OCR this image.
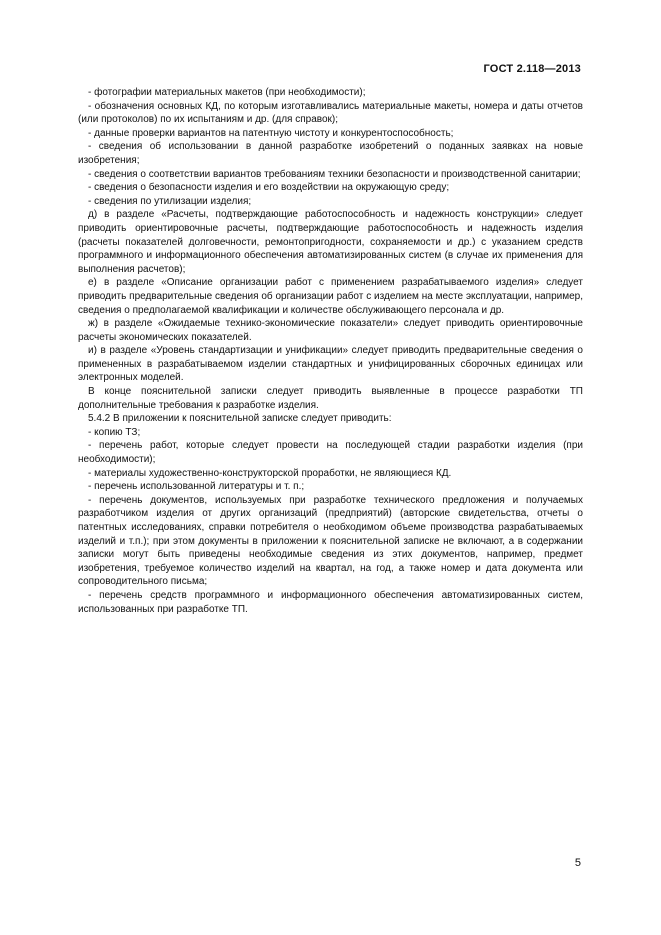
ГОСТ 2.118—2013

- фотографии материальных макетов (при необходимости);

- обозначения основных КД, по которым изготавливались материальные макеты, номера и даты отчетов (или протоколов) по их испытаниям и др. (для справок);

- данные проверки вариантов на патентную чистоту и конкурентоспособность;

- сведения об использовании в данной разработке изобретений о поданных заявках на новые изобретения;

- сведения о соответствии вариантов требованиям техники безопасности и производственной санитарии;

- сведения о безопасности изделия и его воздействии на окружающую среду;

- сведения по утилизации изделия;

д) в разделе «Расчеты, подтверждающие работоспособность и надежность конструкции» следует приводить ориентировочные расчеты, подтверждающие работоспособность и надежность изделия (расчеты показателей долговечности, ремонтопригодности, сохраняемости и др.) с указанием средств программного и информационного обеспечения автоматизированных систем (в случае их применения для выполнения расчетов);

е) в разделе «Описание организации работ с применением разрабатываемого изделия» следует приводить предварительные сведения об организации работ с изделием на месте эксплуатации, например, сведения о предполагаемой квалификации и количестве обслуживающего персонала и др.

ж) в разделе «Ожидаемые технико-экономические показатели» следует приводить ориентировочные расчеты экономических показателей.

и) в разделе «Уровень стандартизации и унификации» следует приводить предварительные сведения о примененных в разрабатываемом изделии стандартных и унифицированных сборочных единицах или электронных моделей.

В конце пояснительной записки следует приводить выявленные в процессе разработки ТП дополнительные требования к разработке изделия.

5.4.2 В приложении к пояснительной записке следует приводить:

- копию ТЗ;

- перечень работ, которые следует провести на последующей стадии разработки изделия (при необходимости);

- материалы художественно-конструкторской проработки, не являющиеся КД.

- перечень использованной литературы и т. п.;

- перечень документов, используемых при разработке технического предложения и получаемых разработчиком изделия от других организаций (предприятий) (авторские свидетельства, отчеты о патентных исследованиях, справки потребителя о необходимом объеме производства разрабатываемых изделий и т.п.); при этом документы в приложении к пояснительной записке не включают, а в содержании записки могут быть приведены необходимые сведения из этих документов, например, предмет изобретения, требуемое количество изделий на квартал, на год, а также номер и дата документа или сопроводительного письма;

- перечень средств программного и информационного обеспечения автоматизированных систем, использованных при разработке ТП.

5
